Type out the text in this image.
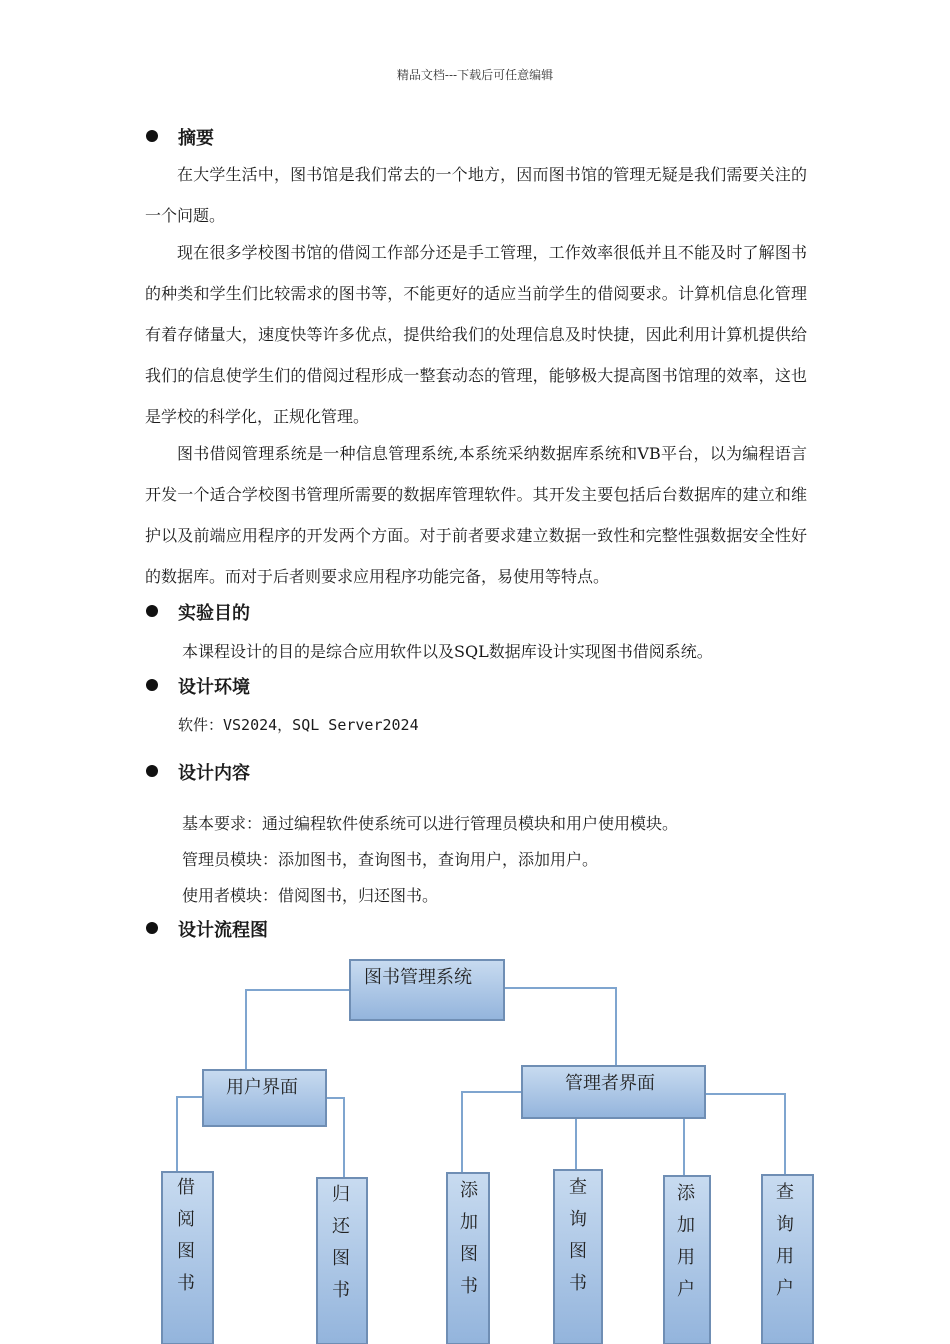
精品文档---下载后可任意编辑
摘要

在大学生活中，图书馆是我们常去的一个地方，因而图书馆的管理无疑是我们需要关注的一个问题。

现在很多学校图书馆的借阅工作部分还是手工管理，工作效率很低并且不能及时了解图书的种类和学生们比较需求的图书等，不能更好的适应当前学生的借阅要求。计算机信息化管理有着存储量大，速度快等许多优点，提供给我们的处理信息及时快捷，因此利用计算机提供给我们的信息使学生们的借阅过程形成一整套动态的管理，能够极大提高图书馆理的效率，这也是学校的科学化，正规化管理。

图书借阅管理系统是一种信息管理系统,本系统采纳数据库系统和VB平台，以为编程语言开发一个适合学校图书管理所需要的数据库管理软件。其开发主要包括后台数据库的建立和维护以及前端应用程序的开发两个方面。对于前者要求建立数据一致性和完整性强数据安全性好的数据库。而对于后者则要求应用程序功能完备，易使用等特点。

实验目的
本课程设计的目的是综合应用软件以及SQL数据库设计实现图书借阅系统。
设计环境
软件：VS2024，SQL Server2024
设计内容
基本要求：通过编程软件使系统可以进行管理员模块和用户使用模块。
管理员模块：添加图书，查询图书，查询用户，添加用户。
使用者模块：借阅图书，归还图书。
设计流程图
图书管理系统
用户界面	管理者界面
借阅图书
归还图书
添加图书
查询图书
添加用户
查询用户
